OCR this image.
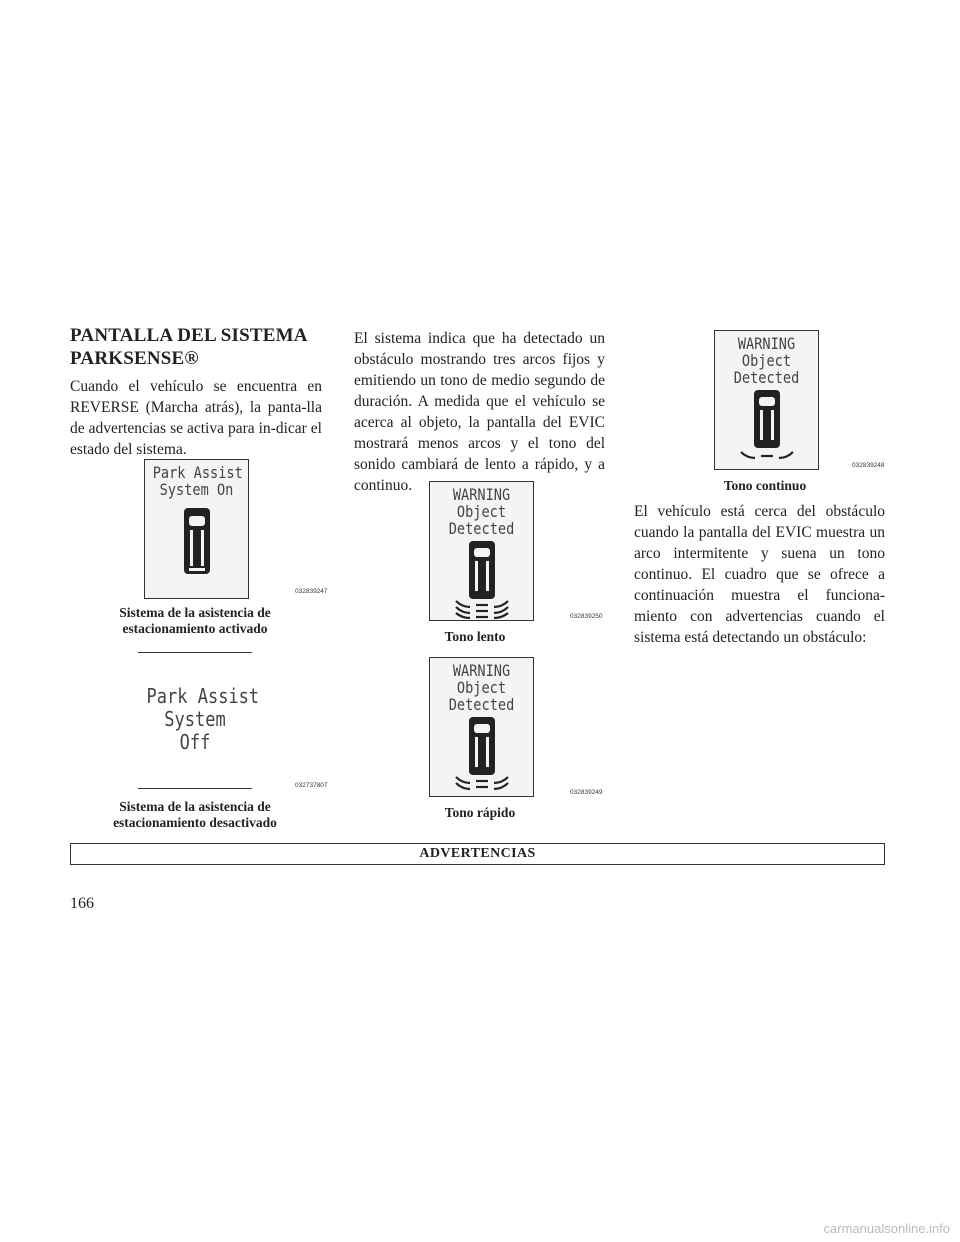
PANTALLA DEL SISTEMA PARKSENSE®
Cuando el vehículo se encuentra en REVERSE (Marcha atrás), la panta-lla de advertencias se activa para in-dicar el estado del sistema.
Park Assist
System On
032839247
Sistema de la asistencia de estacionamiento activado
Park Assist
System
Off
032737807
Sistema de la asistencia de estacionamiento desactivado
El sistema indica que ha detectado un obstáculo mostrando tres arcos fijos y emitiendo un tono de medio segundo de duración. A medida que el vehículo se acerca al objeto, la pantalla del EVIC mostrará menos arcos y el tono del sonido cambiará de lento a rápido, y a continuo.	WARNING
Object
Detected
032839250
Tono lento
WARNING
Object
Detected
032839249
Tono rápido
WARNING
Object
Detected
032839248
Tono continuo
El vehículo está cerca del obstáculo cuando la pantalla del EVIC muestra un arco intermitente y suena un tono continuo. El cuadro que se ofrece a continuación muestra el funciona-miento con advertencias cuando el sistema está detectando un obstáculo:
ADVERTENCIAS
166
carmanualsonline.info
